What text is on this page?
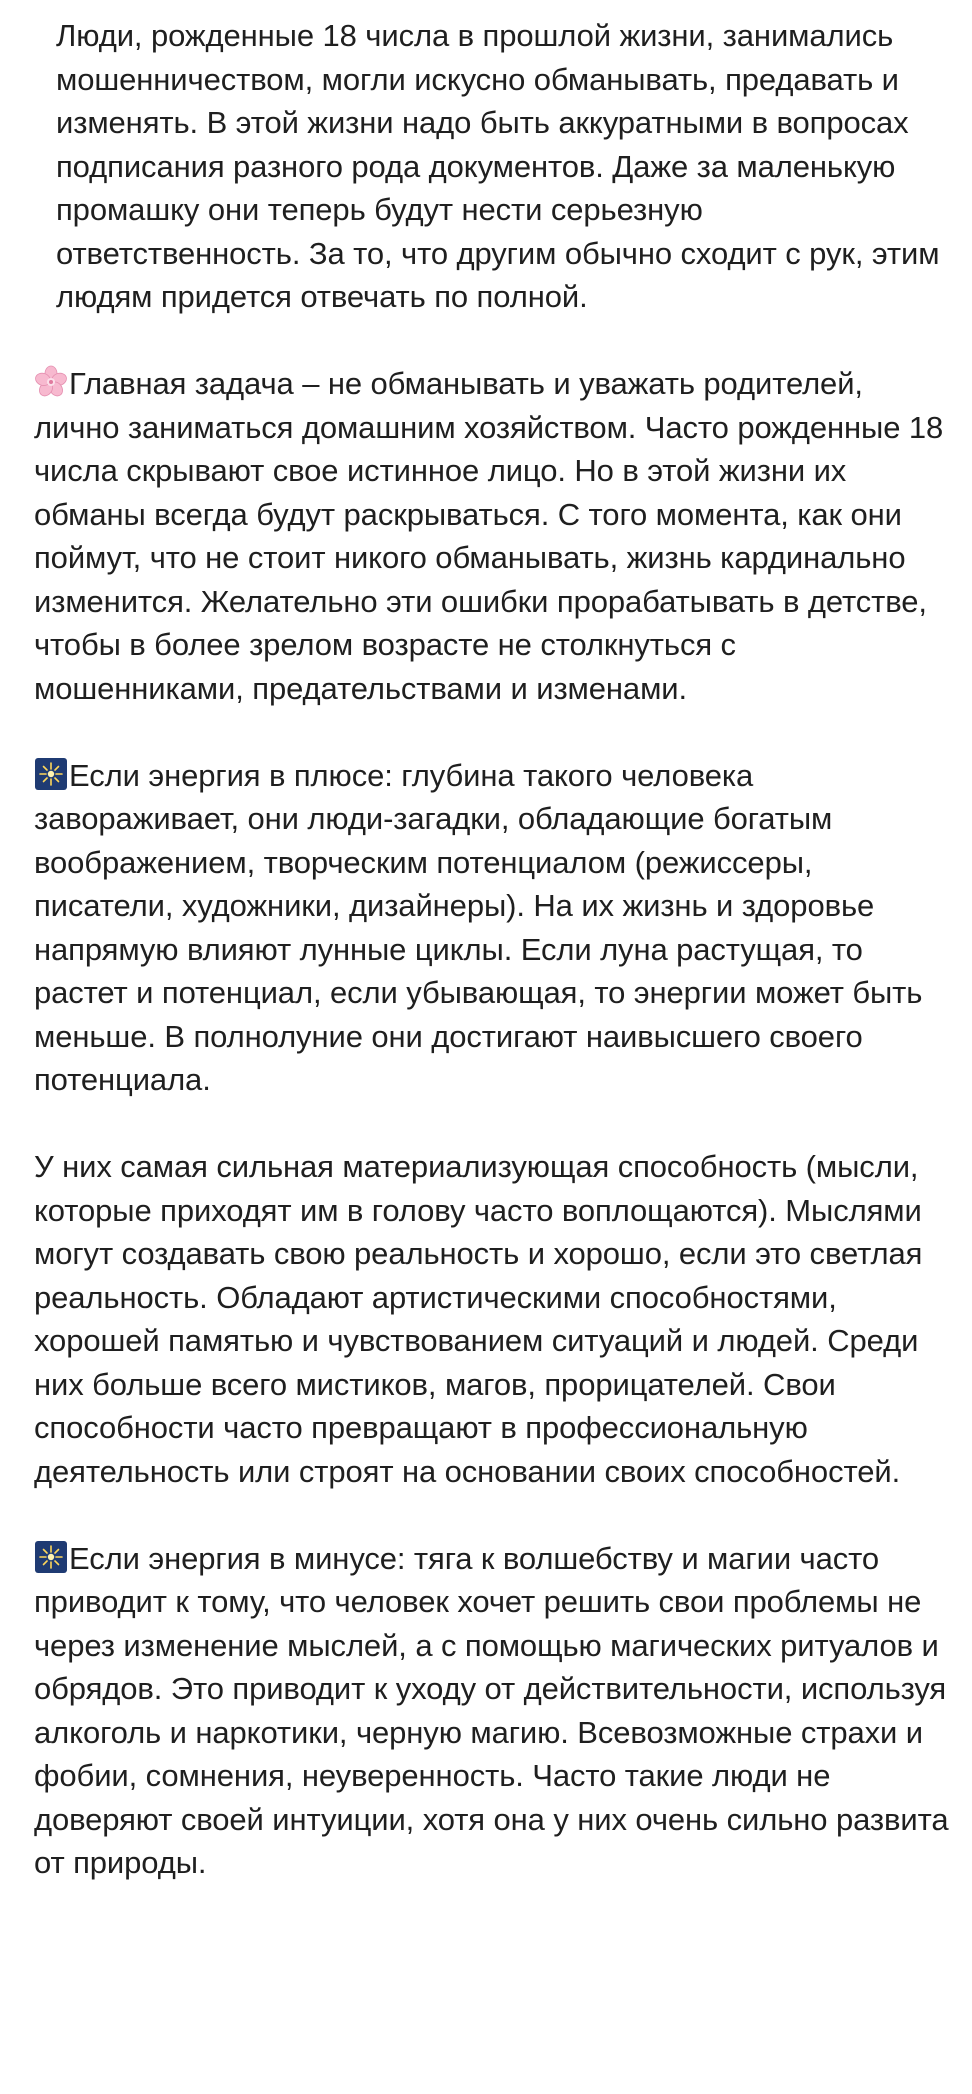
Люди, рожденные 18 числа в прошлой жизни, занимались мошенничеством, могли искусно обманывать, предавать и изменять. В этой жизни надо быть аккуратными в вопросах подписания разного рода документов. Даже за маленькую промашку они теперь будут нести серьезную ответственность. За то, что другим обычно сходит с рук, этим людям придется отвечать по полной.

Главная задача – не обманывать и уважать родителей, лично заниматься домашним хозяйством. Часто рожденные 18 числа скрывают свое истинное лицо. Но в этой жизни их обманы всегда будут раскрываться. С того момента, как они поймут, что не стоит никого обманывать, жизнь кардинально изменится. Желательно эти ошибки прорабатывать в детстве, чтобы в более зрелом возрасте не столкнуться с мошенниками, предательствами и изменами.

Если энергия в плюсе: глубина такого человека завораживает, они люди-загадки, обладающие богатым воображением, творческим потенциалом (режиссеры, писатели, художники, дизайнеры). На их жизнь и здоровье напрямую влияют лунные циклы. Если луна растущая, то растет и потенциал, если убывающая, то энергии может быть меньше. В полнолуние они достигают наивысшего своего потенциала.

У них самая сильная материализующая способность (мысли, которые приходят им в голову часто воплощаются). Мыслями могут создавать свою реальность и хорошо, если это светлая реальность. Обладают артистическими способностями, хорошей памятью и чувствованием ситуаций и людей. Среди них больше всего мистиков, магов, прорицателей. Свои способности часто превращают в профессиональную деятельность или строят на основании своих способностей.

Если энергия в минусе: тяга к волшебству и магии часто приводит к тому, что человек хочет решить свои проблемы не через изменение мыслей, а с помощью магических ритуалов и обрядов. Это приводит к уходу от действительности, используя алкоголь и наркотики, черную магию. Всевозможные страхи и фобии, сомнения, неуверенность. Часто такие люди не доверяют своей интуиции, хотя она у них очень сильно развита от природы.
